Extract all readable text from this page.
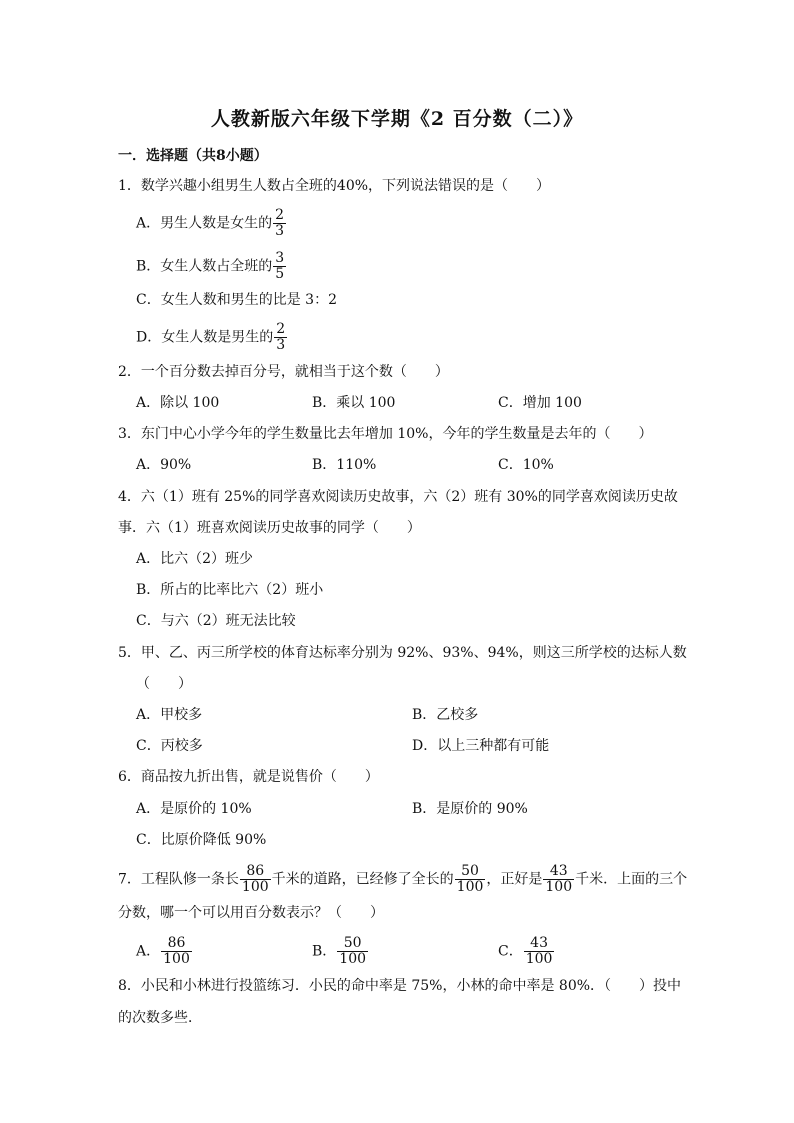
人教新版六年级下学期《2 百分数（二）》
一．选择题（共8小题）
1．数学兴趣小组男生人数占全班的40%，下列说法错误的是（　　）
A．男生人数是女生的 $\frac{2}{3}$
B．女生人数占全班的 $\frac{3}{5}$
C．女生人数和男生的比是 3：2
D．女生人数是男生的 $\frac{2}{3}$
2．一个百分数去掉百分号，就相当于这个数（　　）
A．除以 100	B．乘以 100	C．增加 100
3．东门中心小学今年的学生数量比去年增加 10%，今年的学生数量是去年的（　　）
A．90%	B．110%	C．10%
4．六（1）班有 25%的同学喜欢阅读历史故事，六（2）班有 30%的同学喜欢阅读历史故
事．六（1）班喜欢阅读历史故事的同学（　　）
A．比六（2）班少
B．所占的比率比六（2）班小
C．与六（2）班无法比较
5．甲、乙、丙三所学校的体育达标率分别为 92%、93%、94%，则这三所学校的达标人数
（　　）
A．甲校多	B．乙校多
C．丙校多	D．以上三种都有可能
6．商品按九折出售，就是说售价（　　）
A．是原价的 10%	B．是原价的 90%
C．比原价降低 90%
7．工程队修一条长 $\frac{86}{100}$ 千米的道路，已经修了全长的 $\frac{50}{100}$ ，正好是 $\frac{43}{100}$ 千米．上面的三个
分数，哪一个可以用百分数表示？（　　）
A． $\frac{86}{100}$	B． $\frac{50}{100}$	C． $\frac{43}{100}$
8．小民和小林进行投篮练习．小民的命中率是 75%，小林的命中率是 80%．（　　）投中
的次数多些．
